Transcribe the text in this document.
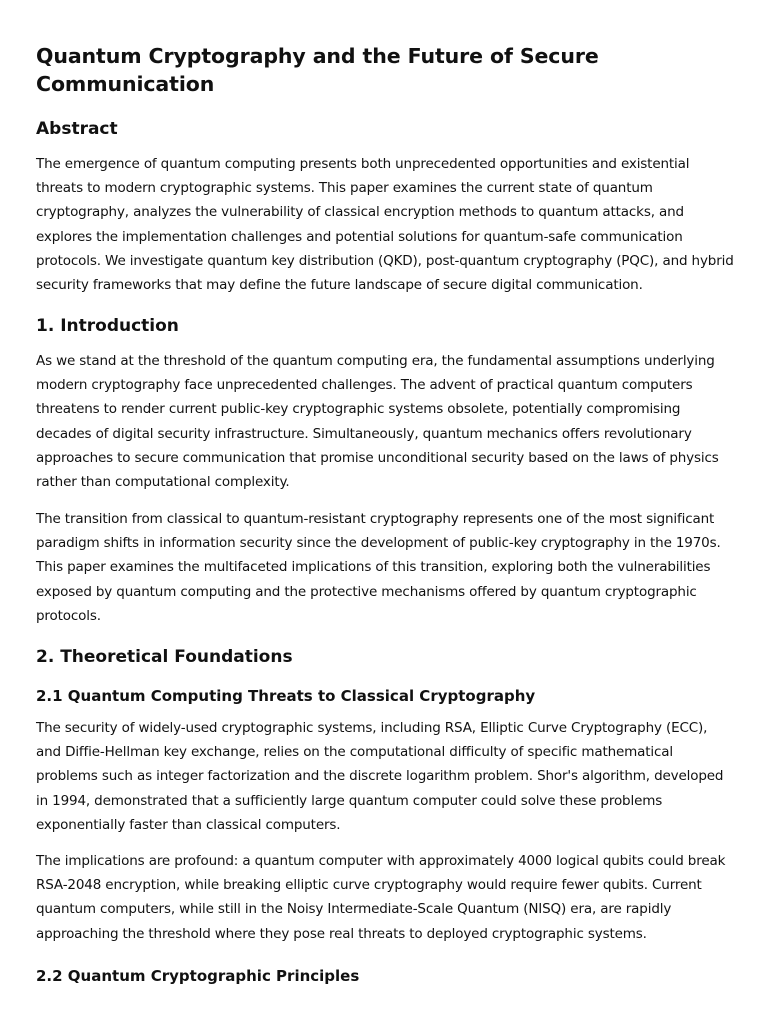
Quantum Cryptography and the Future of Secure Communication
Abstract

The emergence of quantum computing presents both unprecedented opportunities and existential threats to modern cryptographic systems. This paper examines the current state of quantum cryptography, analyzes the vulnerability of classical encryption methods to quantum attacks, and explores the implementation challenges and potential solutions for quantum-safe communication protocols. We investigate quantum key distribution (QKD), post-quantum cryptography (PQC), and hybrid security frameworks that may define the future landscape of secure digital communication.

1. Introduction

As we stand at the threshold of the quantum computing era, the fundamental assumptions underlying modern cryptography face unprecedented challenges. The advent of practical quantum computers threatens to render current public-key cryptographic systems obsolete, potentially compromising decades of digital security infrastructure. Simultaneously, quantum mechanics offers revolutionary approaches to secure communication that promise unconditional security based on the laws of physics rather than computational complexity.

The transition from classical to quantum-resistant cryptography represents one of the most significant paradigm shifts in information security since the development of public-key cryptography in the 1970s. This paper examines the multifaceted implications of this transition, exploring both the vulnerabilities exposed by quantum computing and the protective mechanisms offered by quantum cryptographic protocols.

2. Theoretical Foundations
2.1 Quantum Computing Threats to Classical Cryptography

The security of widely-used cryptographic systems, including RSA, Elliptic Curve Cryptography (ECC), and Diffie-Hellman key exchange, relies on the computational difficulty of specific mathematical problems such as integer factorization and the discrete logarithm problem. Shor's algorithm, developed in 1994, demonstrated that a sufficiently large quantum computer could solve these problems exponentially faster than classical computers.

The implications are profound: a quantum computer with approximately 4000 logical qubits could break RSA-2048 encryption, while breaking elliptic curve cryptography would require fewer qubits. Current quantum computers, while still in the Noisy Intermediate-Scale Quantum (NISQ) era, are rapidly approaching the threshold where they pose real threats to deployed cryptographic systems.

2.2 Quantum Cryptographic Principles
